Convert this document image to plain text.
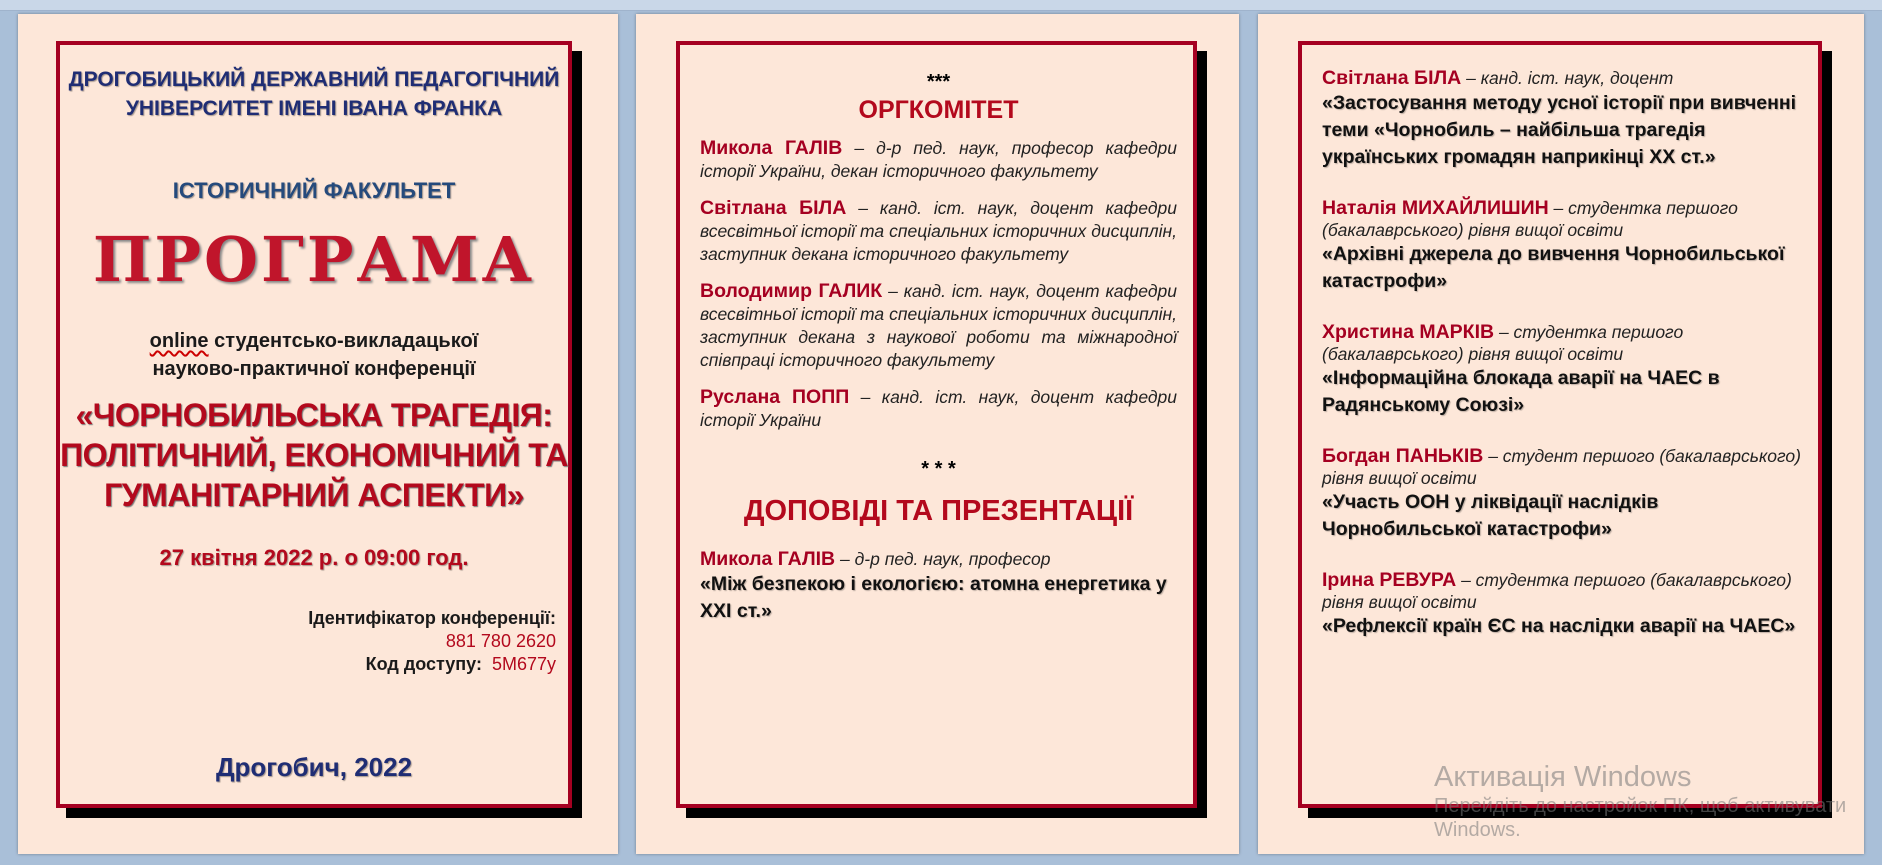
ДРОГОБИЦЬКИЙ ДЕРЖАВНИЙ ПЕДАГОГІЧНИЙ УНІВЕРСИТЕТ ІМЕНІ ІВАНА ФРАНКА
ІСТОРИЧНИЙ ФАКУЛЬТЕТ
ПРОГРАМА
online студентсько-викладацької
науково-практичної конференції
«ЧОРНОБИЛЬСЬКА ТРАГЕДІЯ: ПОЛІТИЧНИЙ, ЕКОНОМІЧНИЙ ТА ГУМАНІТАРНИЙ АСПЕКТИ»
27 квітня 2022 р. о 09:00 год.
Ідентифікатор конференції:
881 780 2620
Код доступу: 5M677y
Дрогобич, 2022
***
ОРГКОМІТЕТ
Микола ГАЛІВ – д-р пед. наук, професор кафедри історії України, декан історичного факультету
Світлана БІЛА – канд. іст. наук, доцент кафедри всесвітньої історії та спеціальних історичних дисциплін, заступник декана історичного факультету
Володимир ГАЛИК – канд. іст. наук, доцент кафедри всесвітньої історії та спеціальних історичних дисциплін, заступник декана з наукової роботи та міжнародної співпраці історичного факультету
Руслана ПОПП – канд. іст. наук, доцент кафедри історії України
* * *
ДОПОВІДІ ТА ПРЕЗЕНТАЦІЇ
Микола ГАЛІВ – д-р пед. наук, професор
«Між безпекою і екологією: атомна енергетика у ХХІ ст.»
Світлана БІЛА – канд. іст. наук, доцент
«Застосування методу усної історії при вивченні теми «Чорнобиль – найбільша трагедія українських громадян наприкінці ХХ ст.»
Наталія МИХАЙЛИШИН – студентка першого (бакалаврського) рівня вищої освіти
«Архівні джерела до вивчення Чорнобильської катастрофи»
Христина МАРКІВ – студентка першого (бакалаврського) рівня вищої освіти
«Інформаційна блокада аварії на ЧАЕС в Радянському Союзі»
Богдан ПАНЬКІВ – студент першого (бакалаврського) рівня вищої освіти
«Участь ООН у ліквідації наслідків Чорнобильської катастрофи»
Ірина РЕВУРА – студентка першого (бакалаврського) рівня вищої освіти
«Рефлексії країн ЄС на наслідки аварії на ЧАЕС»
Активація Windows
Перейдіть до настройок ПК, щоб активувати
Windows.
